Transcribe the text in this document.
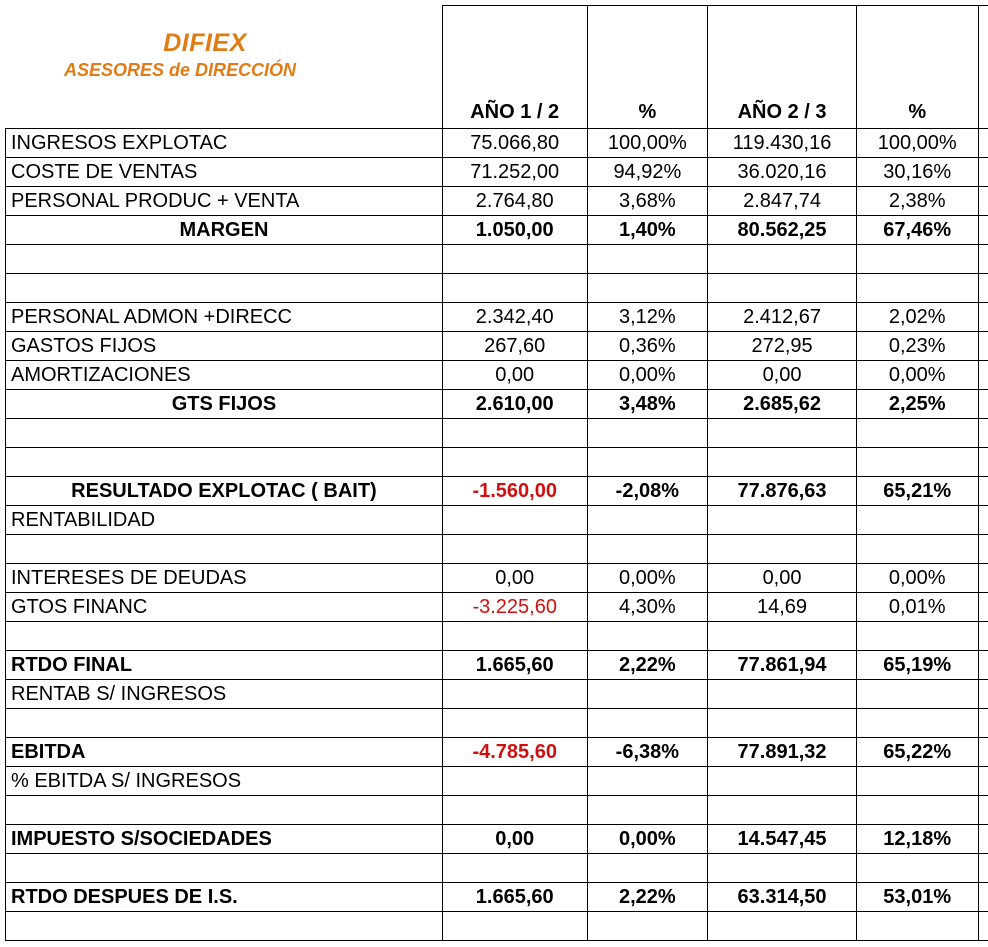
DIFIEX
ASESORES de DIRECCIÓN
	AÑO 1 / 2	%	AÑO 2 / 3	%	
INGRESOS EXPLOTAC	75.066,80	100,00%	119.430,16	100,00%	
COSTE DE VENTAS	71.252,00	94,92%	36.020,16	30,16%	
PERSONAL PRODUC + VENTA	2.764,80	3,68%	2.847,74	2,38%	
MARGEN	1.050,00	1,40%	80.562,25	67,46%	

PERSONAL ADMON +DIRECC	2.342,40	3,12%	2.412,67	2,02%	
GASTOS FIJOS	267,60	0,36%	272,95	0,23%	
AMORTIZACIONES	0,00	0,00%	0,00	0,00%	
GTS FIJOS	2.610,00	3,48%	2.685,62	2,25%	

RESULTADO EXPLOTAC ( BAIT)	-1.560,00	-2,08%	77.876,63	65,21%	
RENTABILIDAD					

INTERESES DE DEUDAS	0,00	0,00%	0,00	0,00%	
GTOS FINANC	-3.225,60	4,30%	14,69	0,01%	

RTDO FINAL	1.665,60	2,22%	77.861,94	65,19%	
RENTAB S/ INGRESOS					

EBITDA	-4.785,60	-6,38%	77.891,32	65,22%	
% EBITDA S/ INGRESOS					

IMPUESTO S/SOCIEDADES	0,00	0,00%	14.547,45	12,18%	

RTDO DESPUES DE I.S.	1.665,60	2,22%	63.314,50	53,01%	
